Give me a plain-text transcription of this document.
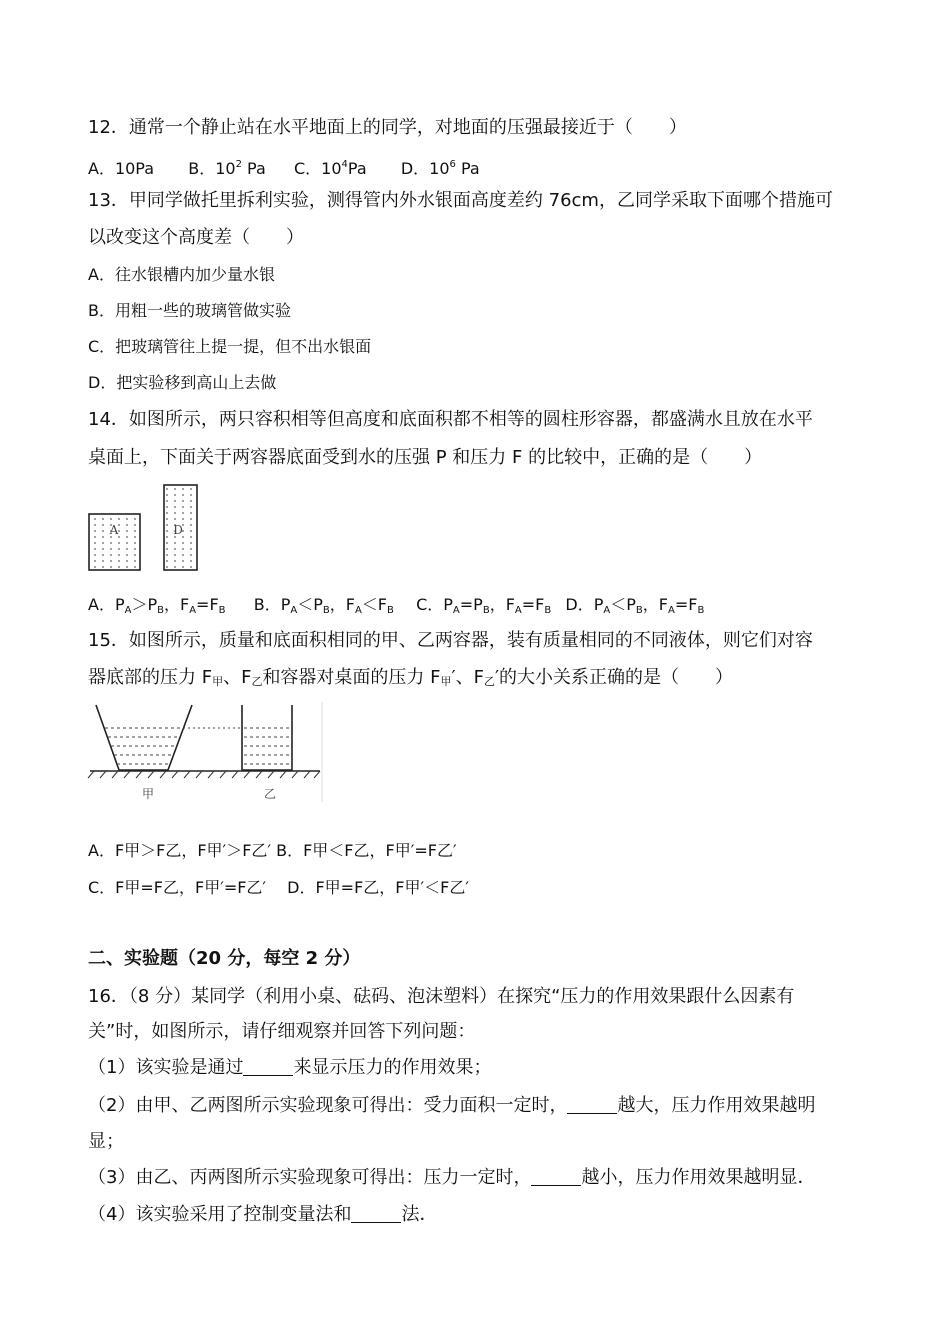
12．通常一个静止站在水平地面上的同学，对地面的压强最接近于（　　）
A．10Pa B．$10^2$ Pa C．$10^4Pa$ D．$10^6$ Pa
13．甲同学做托里拆利实验，测得管内外水银面高度差约 76cm，乙同学采取下面哪个措施可
以改变这个高度差（　　）
A．往水银槽内加少量水银
B．用粗一些的玻璃管做实验
C．把玻璃管往上提一提，但不出水银面
D．把实验移到高山上去做
14．如图所示，两只容积相等但高度和底面积都不相等的圆柱形容器，都盛满水且放在水平
桌面上，下面关于两容器底面受到水的压强 P 和压力 F 的比较中，正确的是（　　）
A	D
A．$P_A>P_B$，$F_A=F_B$ B．$P_A<P_B$，$F_A<F_B$ C．$P_A=P_B$，$F_A=F_B$ D．$P_A<P_B$，$F_A=F_B$
15．如图所示，质量和底面积相同的甲、乙两容器，装有质量相同的不同液体，则它们对容
器底部的压力 F甲、F乙和容器对桌面的压力 F甲′、F乙′的大小关系正确的是（　　）
甲	乙
A．F甲＞F乙，F甲′＞F乙′ B．F甲＜F乙，F甲′=F乙′
C．F甲=F乙，F甲′=F乙′　 D．F甲=F乙，F甲′＜F乙′
二、实验题（20 分，每空 2 分）
16．（8 分）某同学（利用小桌、砝码、泡沫塑料）在探究“压力的作用效果跟什么因素有
关”时，如图所示，请仔细观察并回答下列问题：
（1）该实验是通过	来显示压力的作用效果；
（2）由甲、乙两图所示实验现象可得出：受力面积一定时，	越大，压力作用效果越明
显；
（3）由乙、丙两图所示实验现象可得出：压力一定时，	越小，压力作用效果越明显．
（4）该实验采用了控制变量法和	法．
